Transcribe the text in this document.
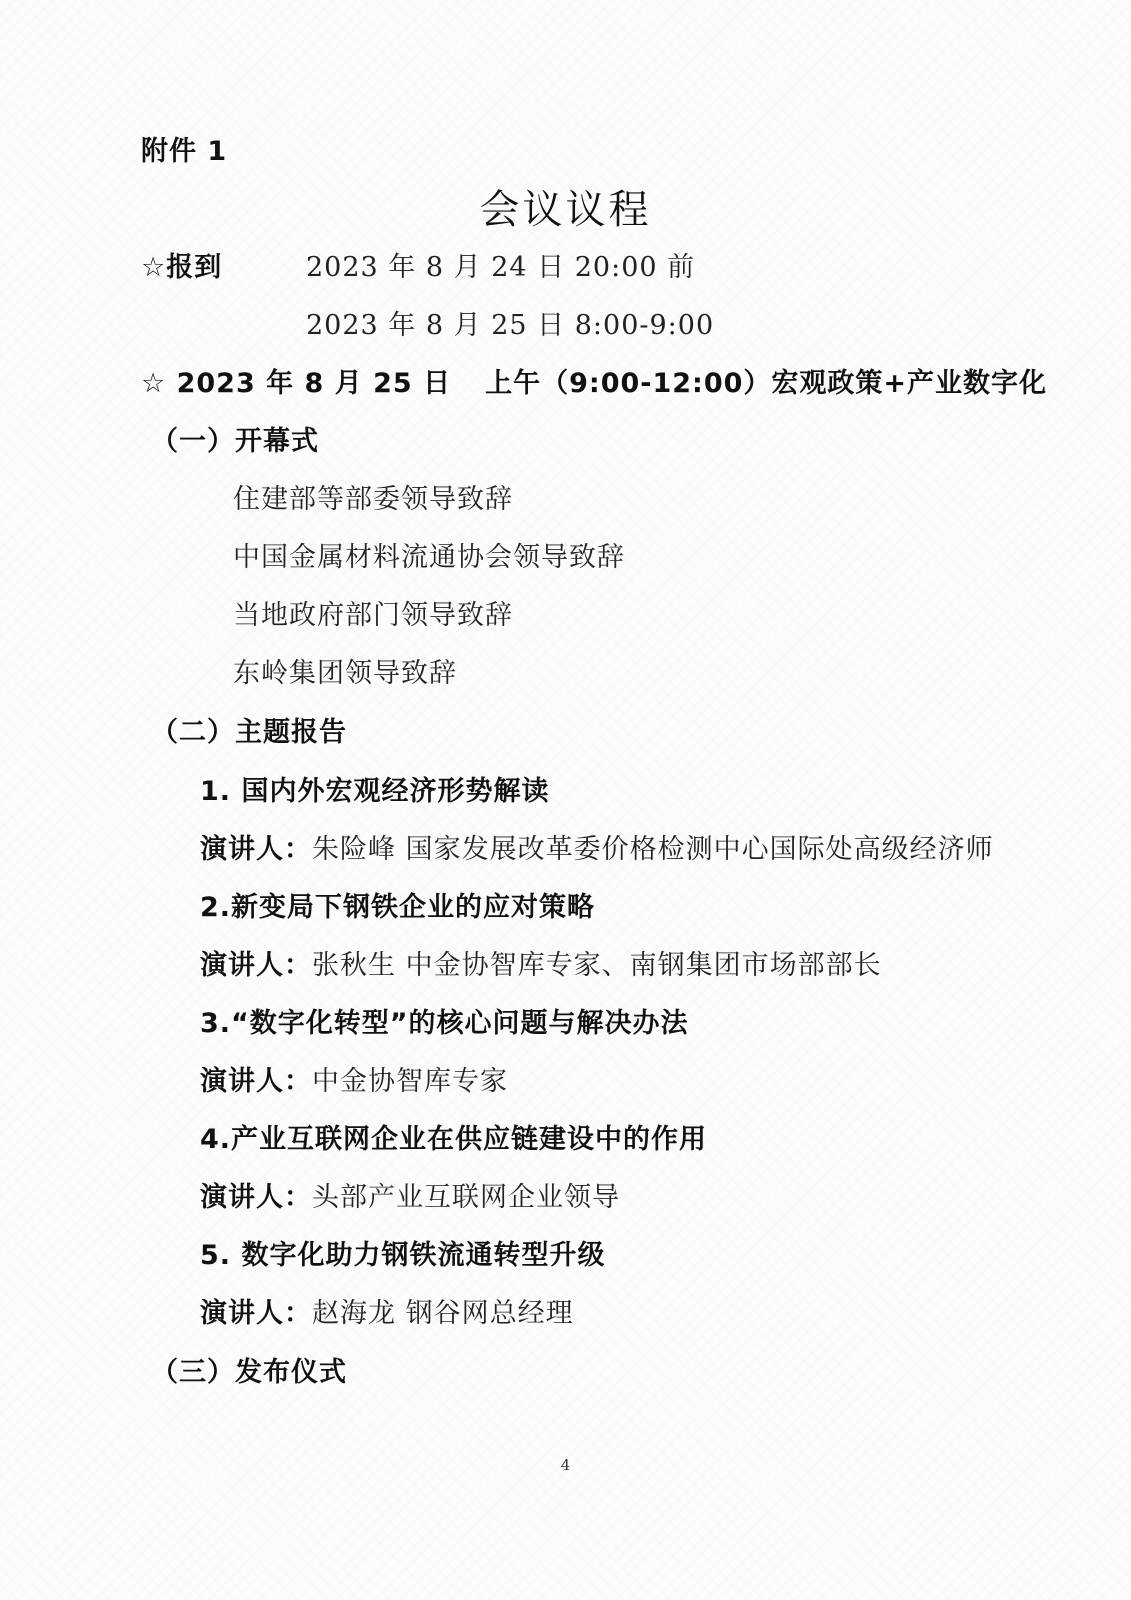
附件 1
会议议程
☆报到	2023 年 8 月 24 日 20:00 前
2023 年 8 月 25 日 8:00-9:00
☆ 2023 年 8 月 25 日 上午（9:00-12:00）宏观政策+产业数字化
（一）开幕式
住建部等部委领导致辞
中国金属材料流通协会领导致辞
当地政府部门领导致辞
东岭集团领导致辞
（二）主题报告
1. 国内外宏观经济形势解读
演讲人：朱险峰 国家发展改革委价格检测中心国际处高级经济师
2.新变局下钢铁企业的应对策略
演讲人：张秋生 中金协智库专家、南钢集团市场部部长
3.“数字化转型”的核心问题与解决办法
演讲人：中金协智库专家
4.产业互联网企业在供应链建设中的作用
演讲人：头部产业互联网企业领导
5. 数字化助力钢铁流通转型升级
演讲人：赵海龙 钢谷网总经理
（三）发布仪式
4
